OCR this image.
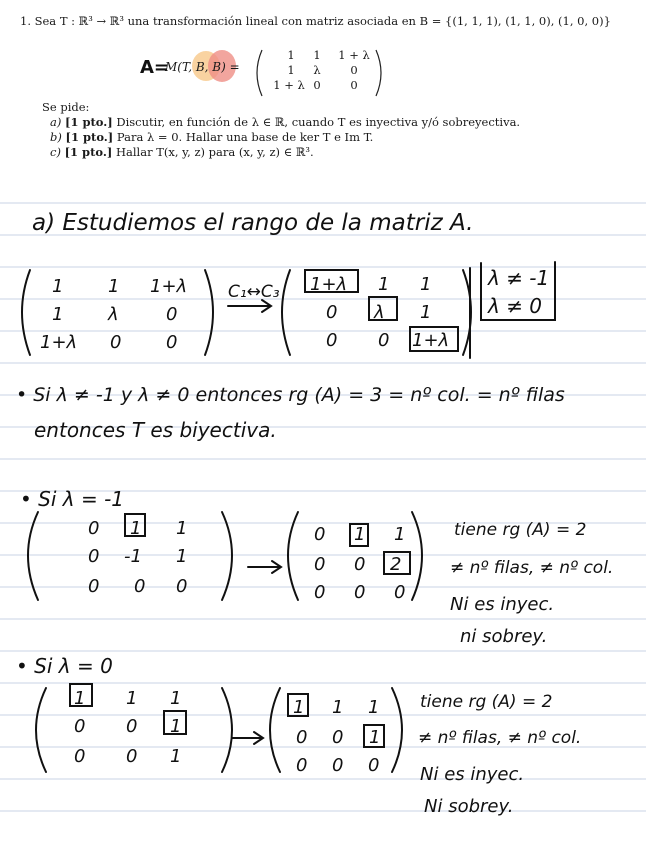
1. Sea T : ℝ³ → ℝ³ una transformación lineal con matriz asociada en B = {(1, 1, 1), (1, 1, 0), (1, 0, 0)}
A=
M(T, B, B) =
1 1	1 + λ
1 λ	0
1 + λ 0	0
Se pide:
a) [1 pto.] Discutir, en función de λ ∈ ℝ, cuando T es inyectiva y/ó sobreyectiva.
b) [1 pto.] Para λ = 0. Hallar una base de ker T e Im T.
c) [1 pto.] Hallar T(x, y, z) para (x, y, z) ∈ ℝ³.
a) Estudiemos el rango de la matriz A.
1 1 1+λ
1 λ	0
1+λ 0 0
C₁↔C₃ 1+λ 1 1
0 λ 1
0 0 1+λ
λ ≠ -1
λ ≠ 0
• Si λ ≠ -1 y λ ≠ 0 entonces rg (A) = 3 = nº col. = nº filas
entonces T es biyectiva.
• Si λ = -1
0 1 1
0 -1 1
0 0 0
0 1 1
0 0 2
0 0 0
tiene rg (A) = 2
≠ nº filas, ≠ nº col.
Ni es inyec.
ni sobrey.
• Si λ = 0
1 1 1
0 0 1
0 0 1
1 1 1
0 0 1
0 0 0
tiene rg (A) = 2
≠ nº filas, ≠ nº col.
Ni es inyec.
Ni sobrey.
